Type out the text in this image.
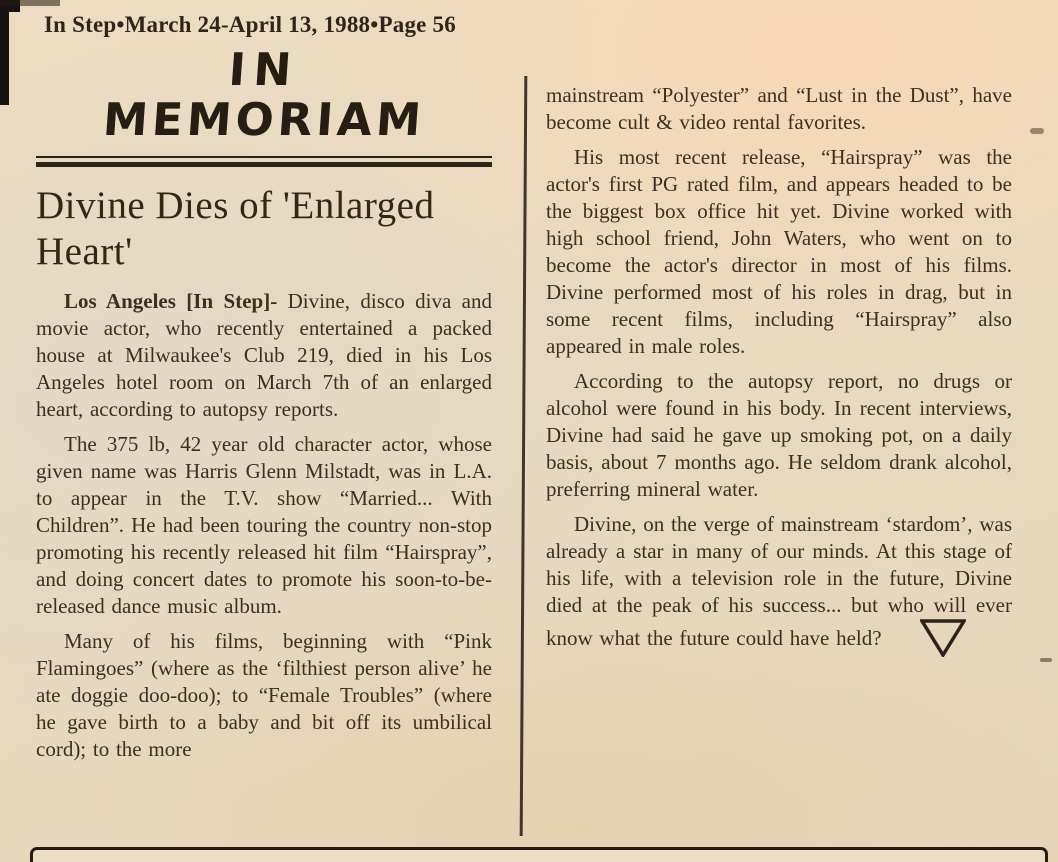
In Step•March 24-April 13, 1988•Page 56
IN
MEMORIAM
Divine Dies of 'Enlarged Heart'

Los Angeles [In Step]- Divine, disco diva and movie actor, who recently entertained a packed house at Milwaukee's Club 219, died in his Los Angeles hotel room on March 7th of an enlarged heart, according to autopsy reports.

The 375 lb, 42 year old character actor, whose given name was Harris Glenn Milstadt, was in L.A. to appear in the T.V. show “Married... With Children”. He had been touring the country non-stop promoting his recently released hit film “Hairspray”, and doing concert dates to promote his soon-to-be-released dance music album.

Many of his films, beginning with “Pink Flamingoes” (where as the ‘filthiest person alive’ he ate doggie doo-doo); to “Female Troubles” (where he gave birth to a baby and bit off its umbilical cord); to the more

mainstream “Polyester” and “Lust in the Dust”, have become cult & video rental favorites.

His most recent release, “Hairspray” was the actor's first PG rated film, and appears headed to be the biggest box office hit yet. Divine worked with high school friend, John Waters, who went on to become the actor's director in most of his films. Divine performed most of his roles in drag, but in some recent films, including “Hairspray” also appeared in male roles.

According to the autopsy report, no drugs or alcohol were found in his body. In recent interviews, Divine had said he gave up smoking pot, on a daily basis, about 7 months ago. He seldom drank alcohol, preferring mineral water.

Divine, on the verge of mainstream ‘stardom’, was already a star in many of our minds. At this stage of his life, with a television role in the future, Divine died at the peak of his success... but who will ever know what the future could have held?
